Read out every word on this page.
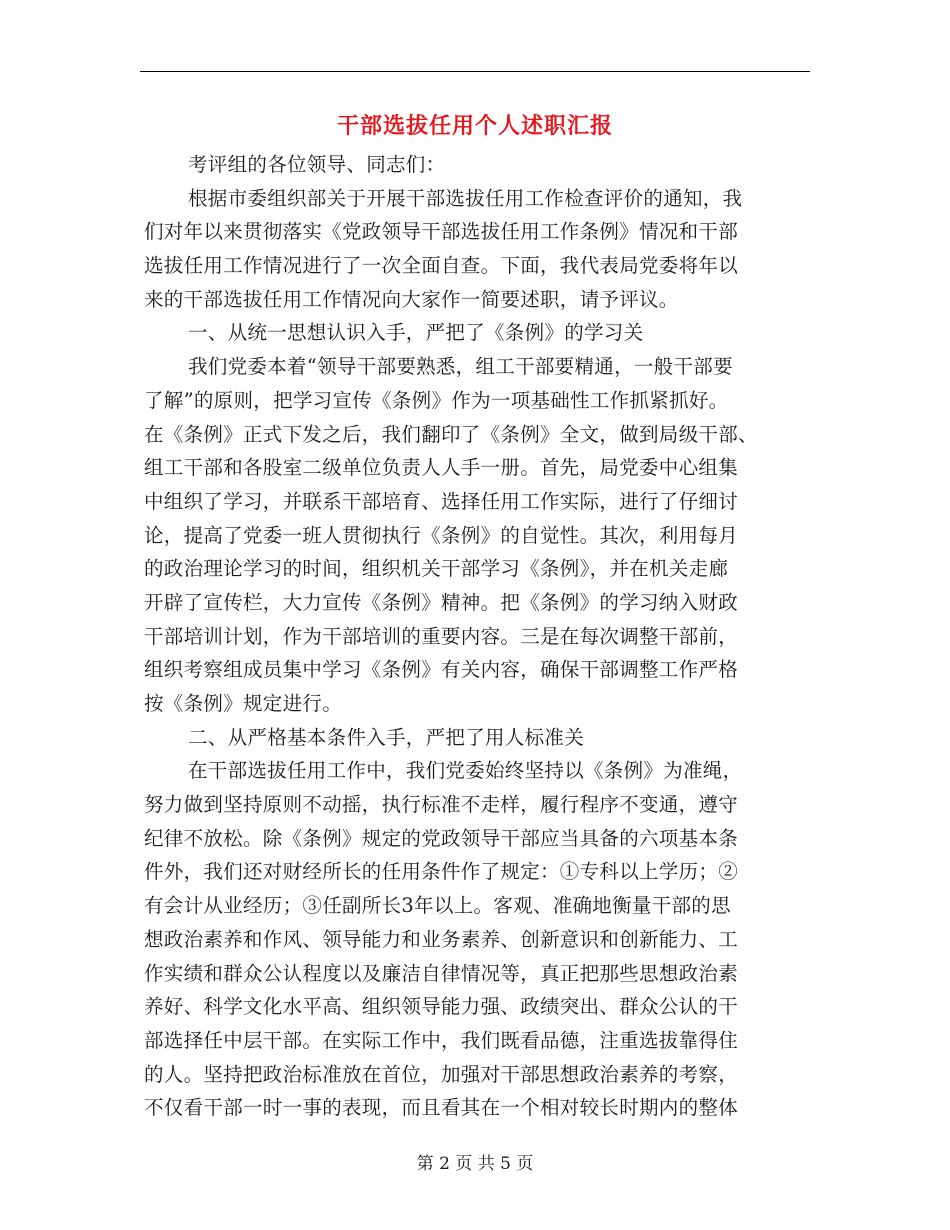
干部选拔任用个人述职汇报
考评组的各位领导、同志们：
根据市委组织部关于开展干部选拔任用工作检查评价的通知，我
们对年以来贯彻落实《党政领导干部选拔任用工作条例》情况和干部
选拔任用工作情况进行了一次全面自查。下面，我代表局党委将年以
来的干部选拔任用工作情况向大家作一简要述职，请予评议。
一、从统一思想认识入手，严把了《条例》的学习关
我们党委本着“领导干部要熟悉，组工干部要精通，一般干部要
了解”的原则，把学习宣传《条例》作为一项基础性工作抓紧抓好。
在《条例》正式下发之后，我们翻印了《条例》全文，做到局级干部、
组工干部和各股室二级单位负责人人手一册。首先，局党委中心组集
中组织了学习，并联系干部培育、选择任用工作实际，进行了仔细讨
论，提高了党委一班人贯彻执行《条例》的自觉性。其次，利用每月
的政治理论学习的时间，组织机关干部学习《条例》，并在机关走廊
开辟了宣传栏，大力宣传《条例》精神。把《条例》的学习纳入财政
干部培训计划，作为干部培训的重要内容。三是在每次调整干部前，
组织考察组成员集中学习《条例》有关内容，确保干部调整工作严格
按《条例》规定进行。
二、从严格基本条件入手，严把了用人标准关
在干部选拔任用工作中，我们党委始终坚持以《条例》为准绳，
努力做到坚持原则不动摇，执行标准不走样，履行程序不变通，遵守
纪律不放松。除《条例》规定的党政领导干部应当具备的六项基本条
件外，我们还对财经所长的任用条件作了规定：①专科以上学历；②
有会计从业经历；③任副所长3年以上。客观、准确地衡量干部的思
想政治素养和作风、领导能力和业务素养、创新意识和创新能力、工
作实绩和群众公认程度以及廉洁自律情况等，真正把那些思想政治素
养好、科学文化水平高、组织领导能力强、政绩突出、群众公认的干
部选择任中层干部。在实际工作中，我们既看品德，注重选拔靠得住
的人。坚持把政治标准放在首位，加强对干部思想政治素养的考察，
不仅看干部一时一事的表现，而且看其在一个相对较长时期内的整体
第 2 页 共 5 页
